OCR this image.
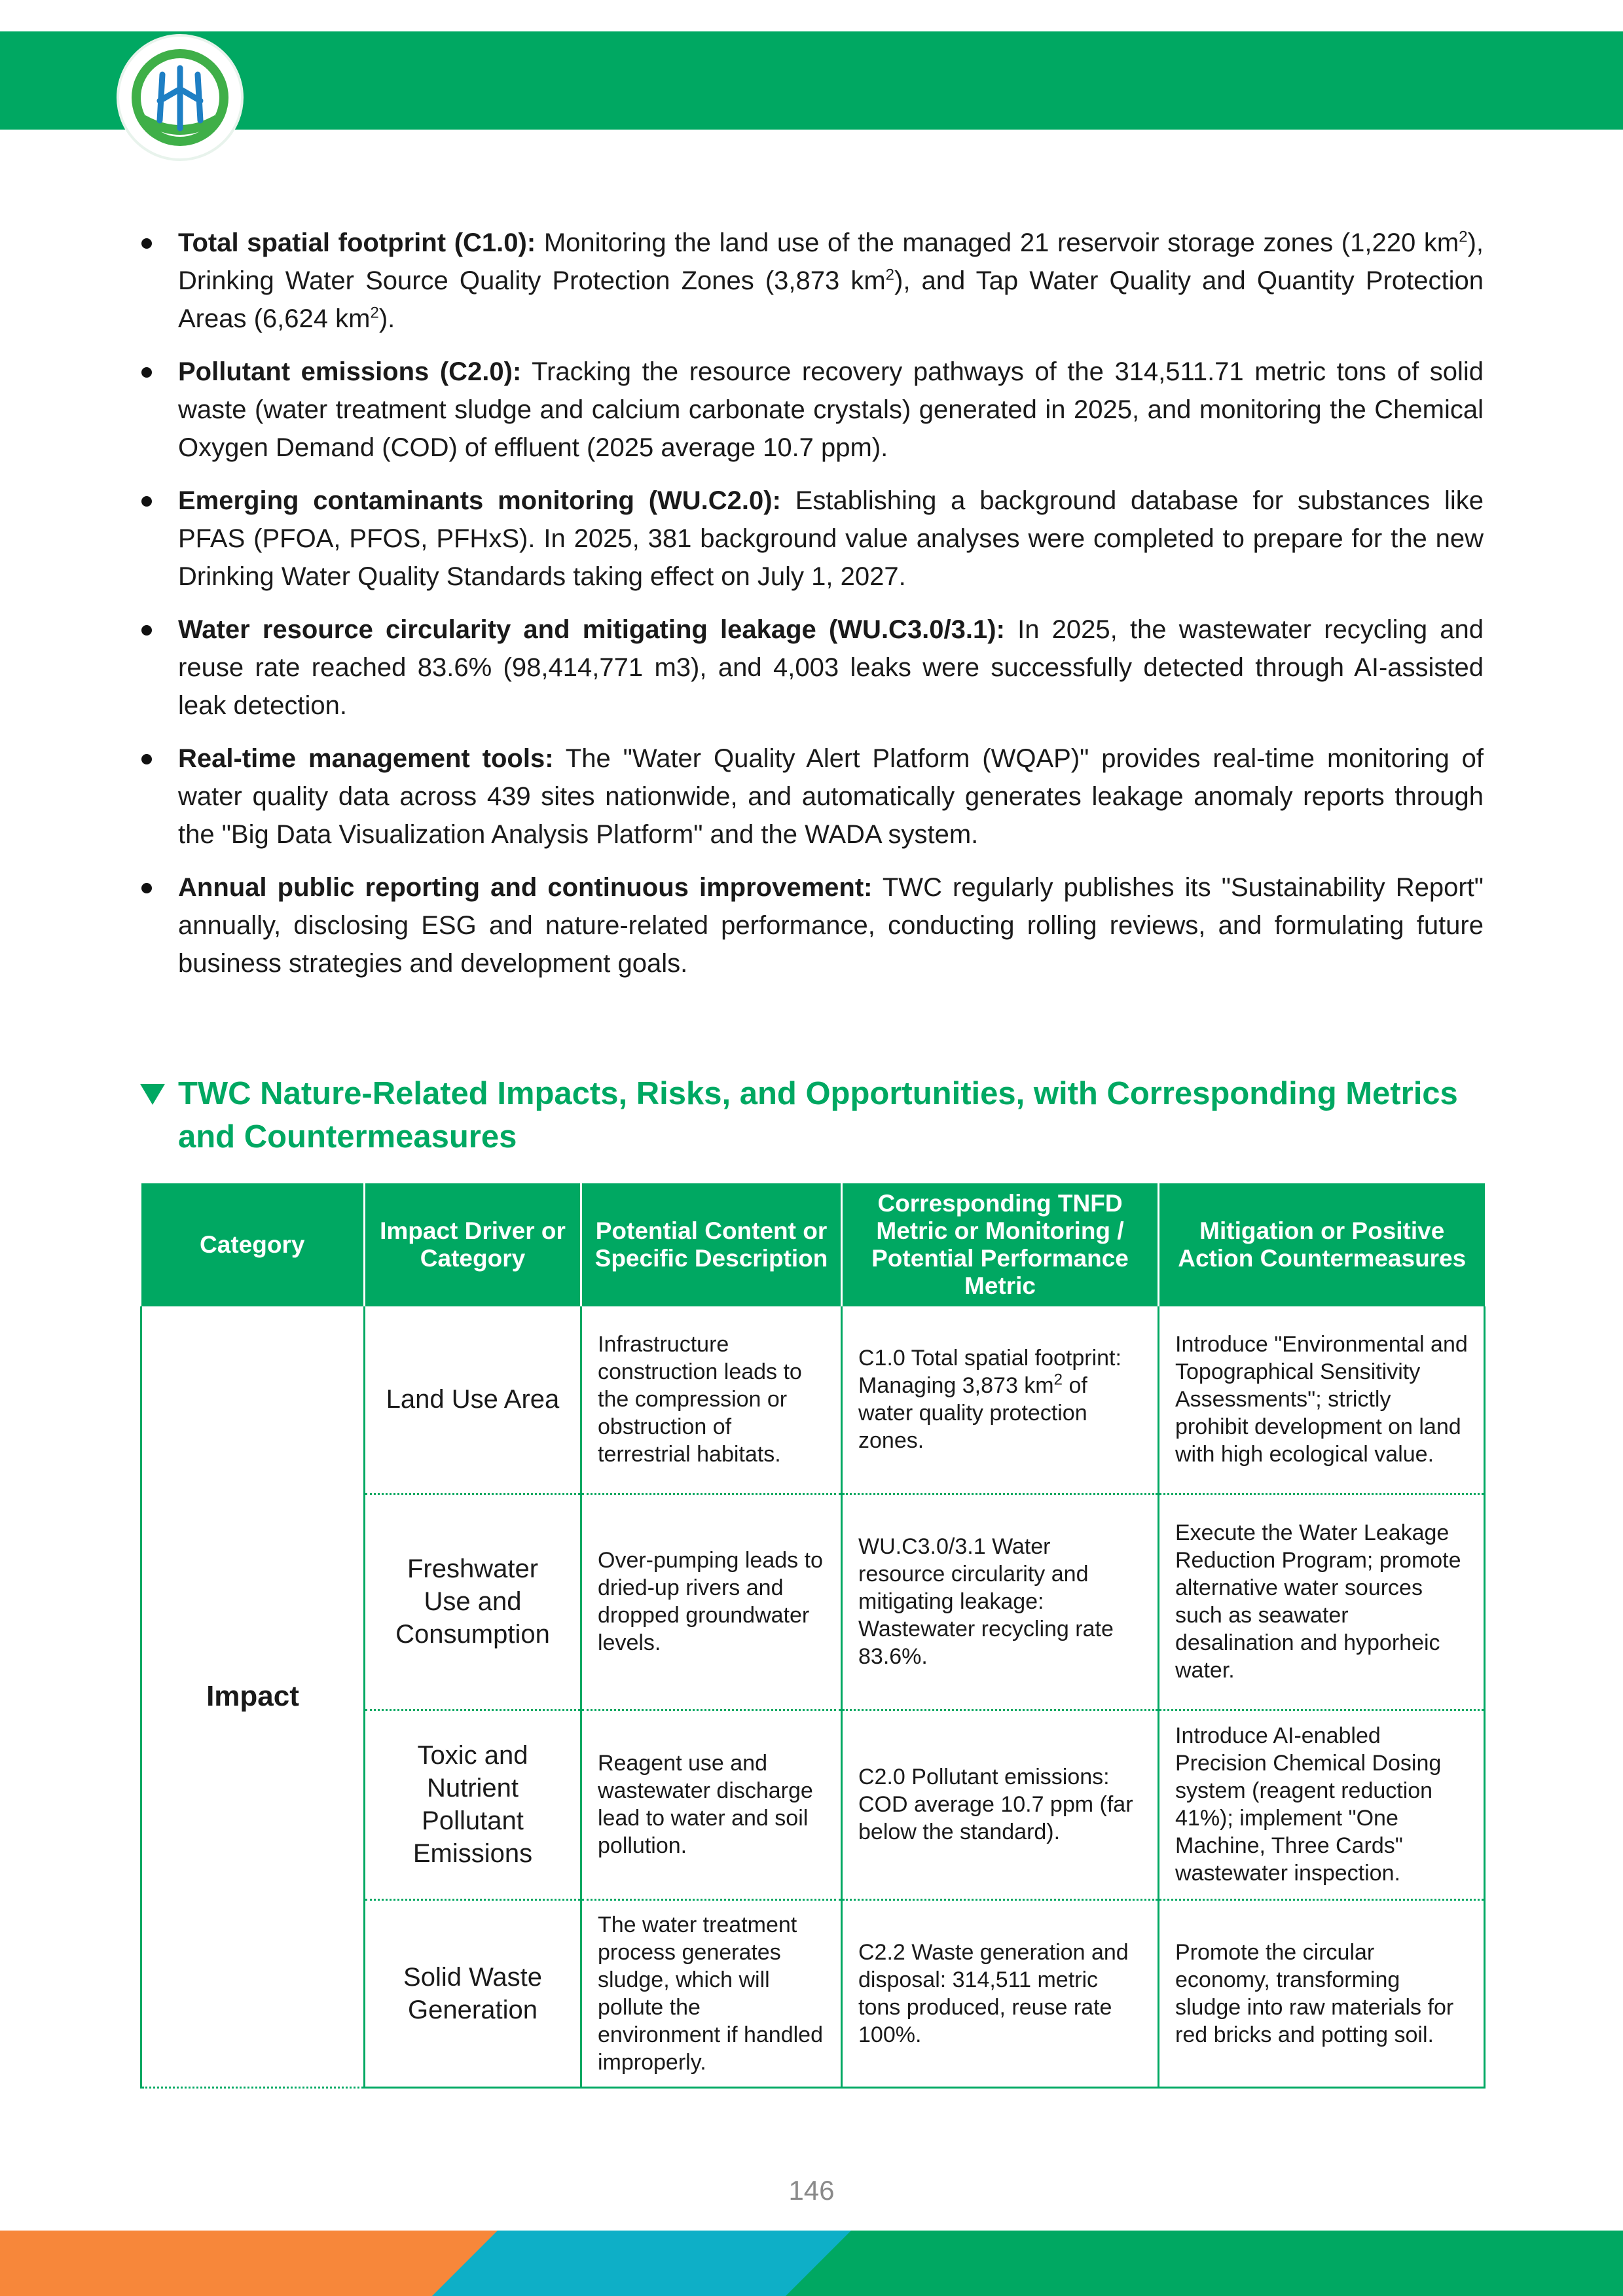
Total spatial footprint (C1.0): Monitoring the land use of the managed 21 reservoir storage zones (1,220 $km^2$), Drinking Water Source Quality Protection Zones (3,873 $km^2$), and Tap Water Quality and Quantity Protection Areas (6,624 $km^2$).
Pollutant emissions (C2.0): Tracking the resource recovery pathways of the 314,511.71 metric tons of solid waste (water treatment sludge and calcium carbonate crystals) generated in 2025, and monitoring the Chemical Oxygen Demand (COD) of effluent (2025 average 10.7 ppm).
Emerging contaminants monitoring (WU.C2.0): Establishing a background database for substances like PFAS (PFOA, PFOS, PFHxS). In 2025, 381 background value analyses were completed to prepare for the new Drinking Water Quality Standards taking effect on July 1, 2027.
Water resource circularity and mitigating leakage (WU.C3.0/3.1): In 2025, the wastewater recycling and reuse rate reached 83.6% (98,414,771 m3), and 4,003 leaks were successfully detected through AI-assisted leak detection.
Real-time management tools: The "Water Quality Alert Platform (WQAP)" provides real-time monitoring of water quality data across 439 sites nationwide, and automatically generates leakage anomaly reports through the "Big Data Visualization Analysis Platform" and the WADA system.
Annual public reporting and continuous improvement: TWC regularly publishes its "Sustainability Report" annually, disclosing ESG and nature-related performance, conducting rolling reviews, and formulating future business strategies and development goals.
TWC Nature-Related Impacts, Risks, and Opportunities, with Corresponding Metrics and Countermeasures
Category	Impact Driver or Category	Potential Content or Specific Description	Corresponding TNFD Metric or Monitoring / Potential Performance Metric	Mitigation or Positive Action Countermeasures
Impact	Land Use Area	Infrastructure construction leads to the compression or obstruction of terrestrial habitats.	C1.0 Total spatial footprint: Managing 3,873 $km^2$ of water quality protection zones.	Introduce "Environmental and Topographical Sensitivity Assessments"; strictly prohibit development on land with high ecological value.
	Freshwater Use and Consumption	Over-pumping leads to dried-up rivers and dropped groundwater levels.	WU.C3.0/3.1 Water resource circularity and mitigating leakage: Wastewater recycling rate 83.6%.	Execute the Water Leakage Reduction Program; promote alternative water sources such as seawater desalination and hyporheic water.
	Toxic and Nutrient Pollutant Emissions	Reagent use and wastewater discharge lead to water and soil pollution.	C2.0 Pollutant emissions: COD average 10.7 ppm (far below the standard).	Introduce AI-enabled Precision Chemical Dosing system (reagent reduction 41%); implement "One Machine, Three Cards" wastewater inspection.
	Solid Waste Generation	The water treatment process generates sludge, which will pollute the environment if handled improperly.	C2.2 Waste generation and disposal: 314,511 metric tons produced, reuse rate 100%.	Promote the circular economy, transforming sludge into raw materials for red bricks and potting soil.
146
